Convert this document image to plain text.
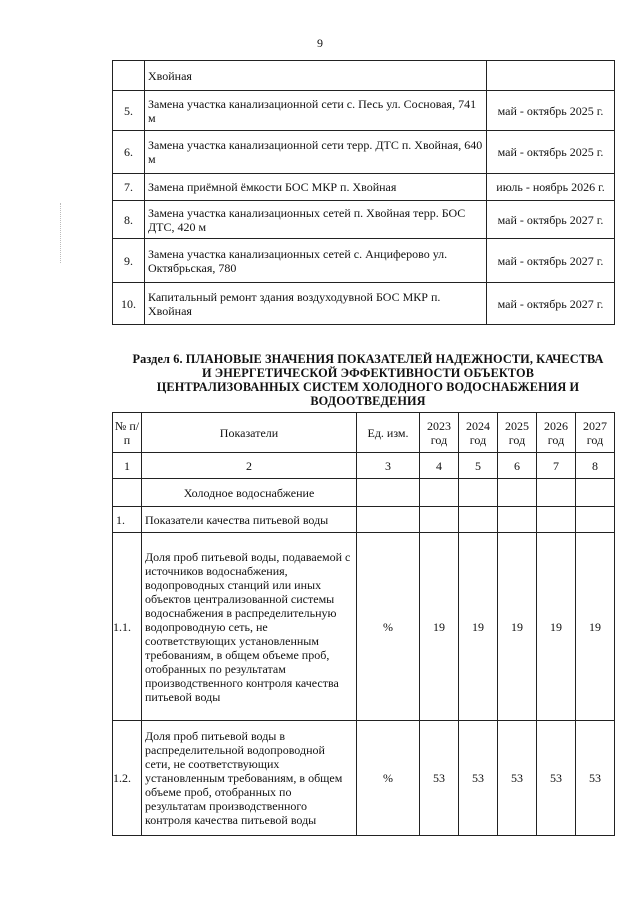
9
	Хвойная	
5.	Замена участка канализационной сети с. Песь ул. Сосновая, 741 м	май - октябрь 2025 г.
6.	Замена участка канализационной сети терр. ДТС п. Хвойная, 640 м	май - октябрь 2025 г.
7.	Замена приёмной ёмкости БОС МКР п. Хвойная	июль - ноябрь 2026 г.
8.	Замена участка канализационных сетей п. Хвойная терр. БОС ДТС, 420 м	май - октябрь 2027 г.
9.	Замена участка канализационных сетей с. Анциферово ул. Октябрьская, 780	май - октябрь 2027 г.
10.	Капитальный ремонт здания воздуходувной БОС МКР п. Хвойная	май - октябрь 2027 г.
Раздел 6. ПЛАНОВЫЕ ЗНАЧЕНИЯ ПОКАЗАТЕЛЕЙ НАДЕЖНОСТИ, КАЧЕСТВА
И ЭНЕРГЕТИЧЕСКОЙ ЭФФЕКТИВНОСТИ ОБЪЕКТОВ
ЦЕНТРАЛИЗОВАННЫХ СИСТЕМ ХОЛОДНОГО ВОДОСНАБЖЕНИЯ И
ВОДООТВЕДЕНИЯ
№ п/п	Показатели	Ед. изм.	2023 год	2024 год	2025 год	2026 год	2027 год
1	2	3	4	5	6	7	8
	Холодное водоснабжение						
1.	Показатели качества питьевой воды						
1.1.	Доля проб питьевой воды, подаваемой с источников водоснабжения, водопроводных станций или иных объектов централизованной системы водоснабжения в распределительную водопроводную сеть, не соответствующих установленным требованиям, в общем объеме проб, отобранных по результатам производственного контроля качества питьевой воды	%	19	19	19	19	19
1.2.	Доля проб питьевой воды в распределительной водопроводной сети, не соответствующих установленным требованиям, в общем объеме проб, отобранных по результатам производственного контроля качества питьевой воды	%	53	53	53	53	53
